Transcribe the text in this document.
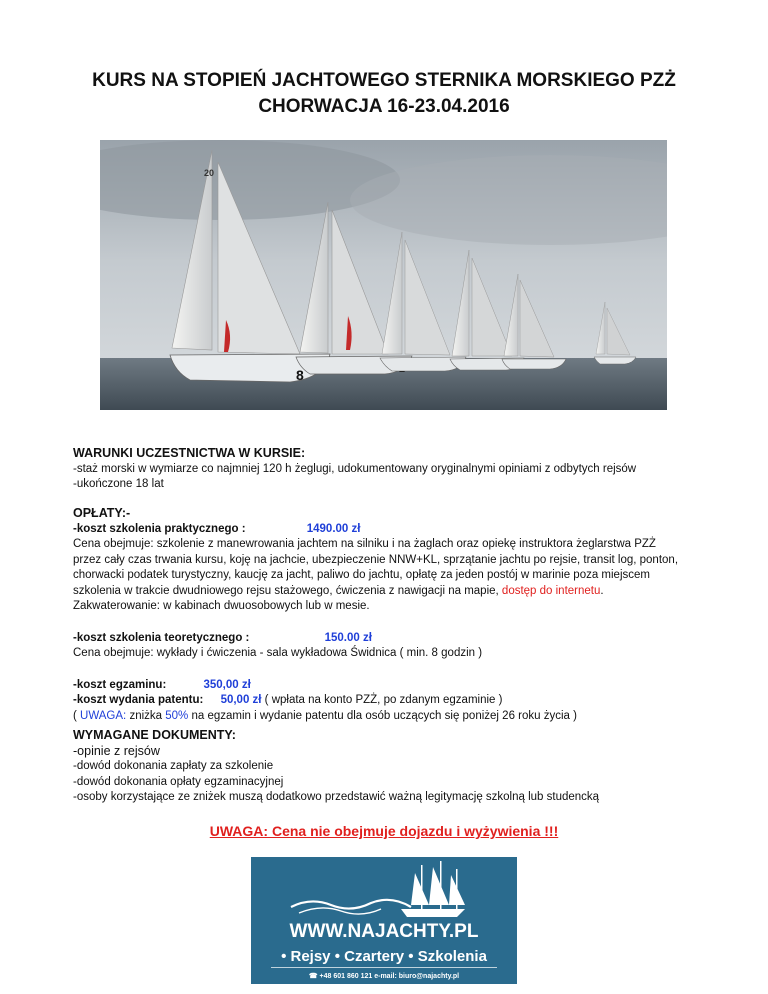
KURS NA STOPIEŃ JACHTOWEGO STERNIKA MORSKIEGO PZŻ
CHORWACJA 16-23.04.2016
20
8
WARUNKI UCZESTNICTWA W KURSIE:
-staż morski w wymiarze co najmniej 120 h żeglugi, udokumentowany oryginalnymi opiniami z odbytych rejsów
-ukończone 18 lat
OPŁATY:-
-koszt szkolenia praktycznego :	1490.00 zł
Cena obejmuje: szkolenie z manewrowania jachtem na silniku i na żaglach oraz opiekę instruktora żeglarstwa PZŻ
przez cały czas trwania kursu, koję na jachcie, ubezpieczenie NNW+KL, sprzątanie jachtu po rejsie, transit log, ponton,
chorwacki podatek turystyczny, kaucję za jacht, paliwo do jachtu, opłatę za jeden postój w marinie poza miejscem
szkolenia w trakcie dwudniowego rejsu stażowego, ćwiczenia z nawigacji na mapie, dostęp do internetu.
Zakwaterowanie: w kabinach dwuosobowych lub w mesie.
-koszt szkolenia teoretycznego :	150.00 zł
Cena obejmuje: wykłady i ćwiczenia - sala wykładowa Świdnica ( min. 8 godzin )
-koszt egzaminu:	350,00 zł
-koszt wydania patentu: 50,00 zł ( wpłata na konto PZŻ, po zdanym egzaminie )
( UWAGA: zniżka 50% na egzamin i wydanie patentu dla osób uczących się poniżej 26 roku życia )
WYMAGANE DOKUMENTY:
-opinie z rejsów
-dowód dokonania zapłaty za szkolenie
-dowód dokonania opłaty egzaminacyjnej
-osoby korzystające ze zniżek muszą dodatkowo przedstawić ważną legitymację szkolną lub studencką
UWAGA: Cena nie obejmuje dojazdu i wyżywienia !!!
WWW.NAJACHTY.PL
• Rejsy • Czartery • Szkolenia
☎ +48 601 860 121 e-mail: biuro@najachty.pl
